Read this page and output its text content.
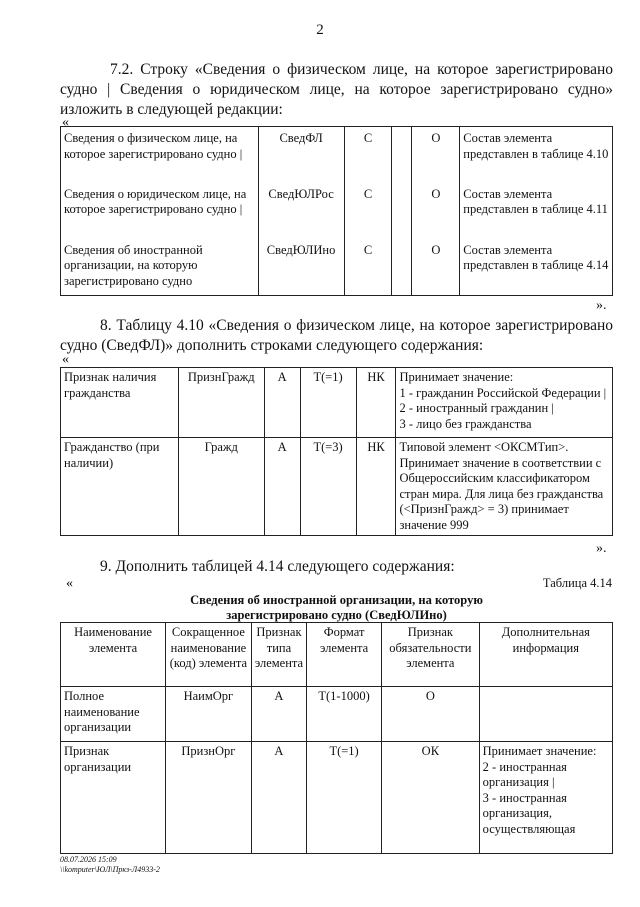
2
7.2. Строку «Сведения о физическом лице, на которое зарегистрировано судно | Сведения о юридическом лице, на которое зарегистрировано судно» изложить в следующей редакции:
«
Сведения о физическом лице, на которое зарегистрировано судно |	СведФЛ	С		О	Состав элемента представлен в таблице 4.10
Сведения о юридическом лице, на которое зарегистрировано судно |	СведЮЛРос	С		О	Состав элемента представлен в таблице 4.11
Сведения об иностранной организации, на которую зарегистрировано судно	СведЮЛИно	С		О	Состав элемента представлен в таблице 4.14
».
8. Таблицу 4.10 «Сведения о физическом лице, на которое зарегистрировано судно (СведФЛ)» дополнить строками следующего содержания:
«
Признак наличия гражданства	ПризнГражд	А	Т(=1)	НК	Принимает значение:
1 - гражданин Российской Федерации |
2 - иностранный гражданин |
3 - лицо без гражданства

Гражданство (при наличии)	Гражд	А	Т(=3)	НК	Типовой элемент <ОКСМТип>. Принимает значение в соответствии с Общероссийским классификатором стран мира. Для лица без гражданства (<ПризнГражд> = 3) принимает значение 999
».
9. Дополнить таблицей 4.14 следующего содержания:
«	Таблица 4.14
Сведения об иностранной организации, на которую
зарегистрировано судно (СведЮЛИно)
Наименование элемента	Сокращенное наименование (код) элемента	Признак типа элемента	Формат элемента	Признак обязательности элемента	Дополнительная информация
Полное наименование организации	НаимОрг	А	Т(1-1000)	О	
Признак организации	ПризнОрг	А	Т(=1)	ОК	Принимает значение:
2 - иностранная организация |
3 - иностранная организация, осуществляющая
08.07.2026 15:09
\\komputer\ЮЛ\Пркз-Л4933-2
